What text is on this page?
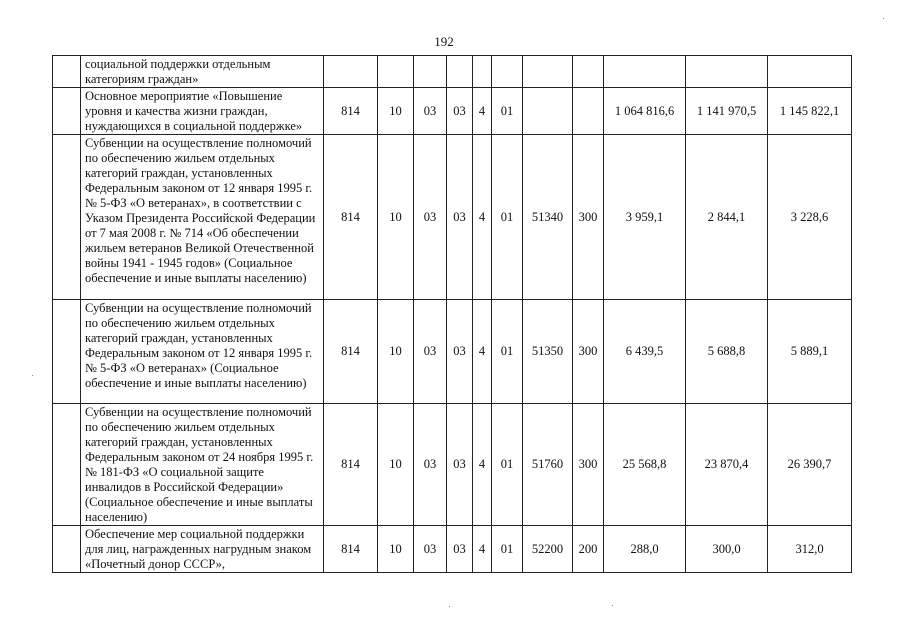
192
	социальной поддержки отдельным категориям граждан»											
	Основное мероприятие «Повышение уровня и качества жизни граждан, нуждающихся в социальной поддержке»	814	10	03	03	4	01			1 064 816,6	1 141 970,5	1 145 822,1
	Субвенции на осуществление полномочий по обеспечению жильем отдельных категорий граждан, установленных Федеральным законом от 12 января 1995 г. № 5-ФЗ «О ветеранах», в соответствии с Указом Президента Российской Федерации от 7 мая 2008 г. № 714 «Об обеспечении жильем ветеранов Великой Отечественной войны 1941 - 1945 годов» (Социальное обеспечение и иные выплаты населению)	814	10	03	03	4	01	51340	300	3 959,1	2 844,1	3 228,6
	Субвенции на осуществление полномочий по обеспечению жильем отдельных категорий граждан, установленных Федеральным законом от 12 января 1995 г. № 5-ФЗ «О ветеранах» (Социальное обеспечение и иные выплаты населению)	814	10	03	03	4	01	51350	300	6 439,5	5 688,8	5 889,1
	Субвенции на осуществление полномочий по обеспечению жильем отдельных категорий граждан, установленных Федеральным законом от 24 ноября 1995 г. № 181-ФЗ «О социальной защите инвалидов в Российской Федерации» (Социальное обеспечение и иные выплаты населению)	814	10	03	03	4	01	51760	300	25 568,8	23 870,4	26 390,7
	Обеспечение мер социальной поддержки для лиц, награжденных нагрудным знаком «Почетный донор СССР»,	814	10	03	03	4	01	52200	200	288,0	300,0	312,0
